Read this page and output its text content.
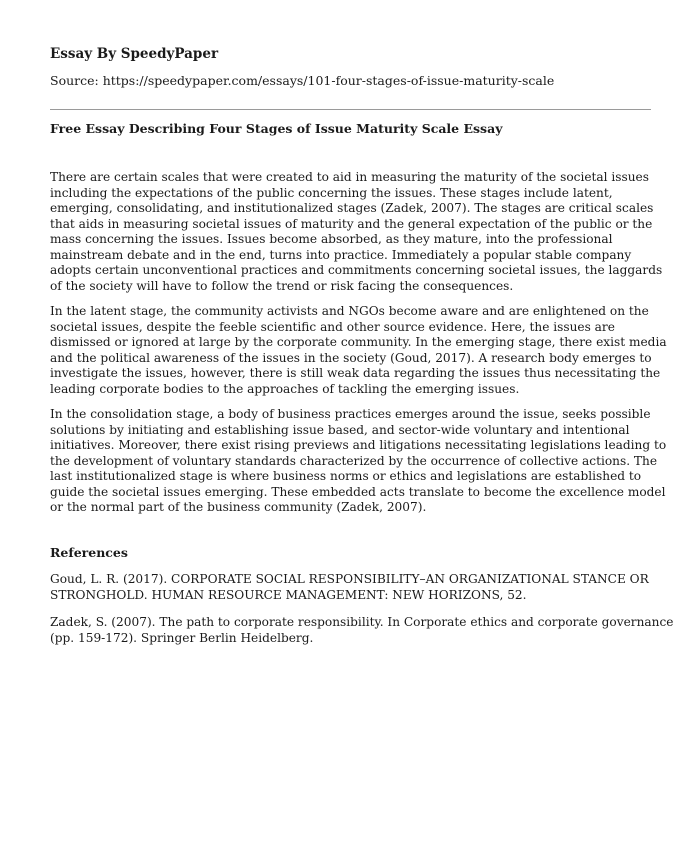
Essay By SpeedyPaper

Source: https://speedypaper.com/essays/101-four-stages-of-issue-maturity-scale

Free Essay Describing Four Stages of Issue Maturity Scale Essay

There are certain scales that were created to aid in measuring the maturity of the societal issues
including the expectations of the public concerning the issues. These stages include latent,
emerging, consolidating, and institutionalized stages (Zadek, 2007). The stages are critical scales
that aids in measuring societal issues of maturity and the general expectation of the public or the
mass concerning the issues. Issues become absorbed, as they mature, into the professional
mainstream debate and in the end, turns into practice. Immediately a popular stable company
adopts certain unconventional practices and commitments concerning societal issues, the laggards
of the society will have to follow the trend or risk facing the consequences.

In the latent stage, the community activists and NGOs become aware and are enlightened on the
societal issues, despite the feeble scientific and other source evidence. Here, the issues are
dismissed or ignored at large by the corporate community. In the emerging stage, there exist media
and the political awareness of the issues in the society (Goud, 2017). A research body emerges to
investigate the issues, however, there is still weak data regarding the issues thus necessitating the
leading corporate bodies to the approaches of tackling the emerging issues.

In the consolidation stage, a body of business practices emerges around the issue, seeks possible
solutions by initiating and establishing issue based, and sector-wide voluntary and intentional
initiatives. Moreover, there exist rising previews and litigations necessitating legislations leading to
the development of voluntary standards characterized by the occurrence of collective actions. The
last institutionalized stage is where business norms or ethics and legislations are established to
guide the societal issues emerging. These embedded acts translate to become the excellence model
or the normal part of the business community (Zadek, 2007).

References

Goud, L. R. (2017). CORPORATE SOCIAL RESPONSIBILITY–AN ORGANIZATIONAL STANCE OR
STRONGHOLD. HUMAN RESOURCE MANAGEMENT: NEW HORIZONS, 52.

Zadek, S. (2007). The path to corporate responsibility. In Corporate ethics and corporate governance
(pp. 159-172). Springer Berlin Heidelberg.
